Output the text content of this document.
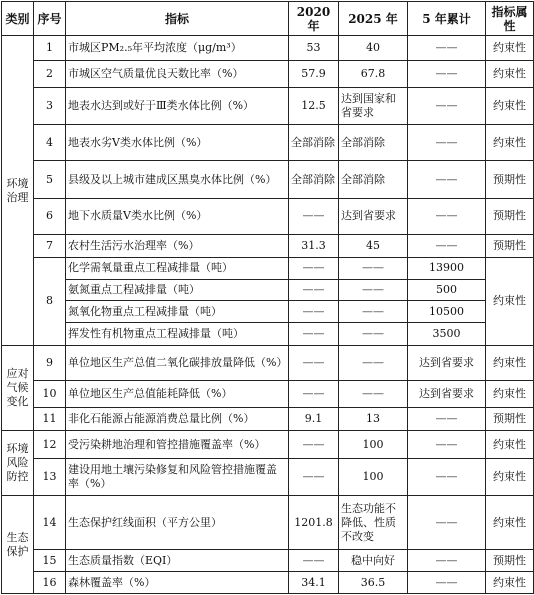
类别	序号	指标	2020 年	2025 年	5 年累计	指标属性
环境治理	1	市城区PM₂.₅年平均浓度（μg/m³）	53	40	——	约束性
	2	市城区空气质量优良天数比率（%）	57.9	67.8	——	约束性
	3	地表水达到或好于Ⅲ类水体比例（%）	12.5	达到国家和省要求	——	约束性
	4	地表水劣Ⅴ类水体比例（%）	全部消除	全部消除	——	约束性
	5	县级及以上城市建成区黑臭水体比例（%）	全部消除	全部消除	——	预期性
	6	地下水质量Ⅴ类水比例（%）	——	达到省要求	——	预期性
	7	农村生活污水治理率（%）	31.3	45	——	预期性
	8	化学需氧量重点工程减排量（吨）	——	——	13900	约束性
		氨氮重点工程减排量（吨）	——	——	500	
		氮氧化物重点工程减排量（吨）	——	——	10500	
		挥发性有机物重点工程减排量（吨）	——	——	3500	
应对气候变化	9	单位地区生产总值二氧化碳排放量降低（%）	——	——	达到省要求	约束性
	10	单位地区生产总值能耗降低（%）	——	——	达到省要求	约束性
	11	非化石能源占能源消费总量比例（%）	9.1	13	——	预期性
环境风险防控	12	受污染耕地治理和管控措施覆盖率（%）	——	100	——	约束性
	13	建设用地土壤污染修复和风险管控措施覆盖率（%）	——	100	——	约束性
生态保护	14	生态保护红线面积（平方公里）	1201.8	生态功能不降低、性质不改变	——	约束性
	15	生态质量指数（EQI）	——	稳中向好	——	预期性
	16	森林覆盖率（%）	34.1	36.5	——	约束性
